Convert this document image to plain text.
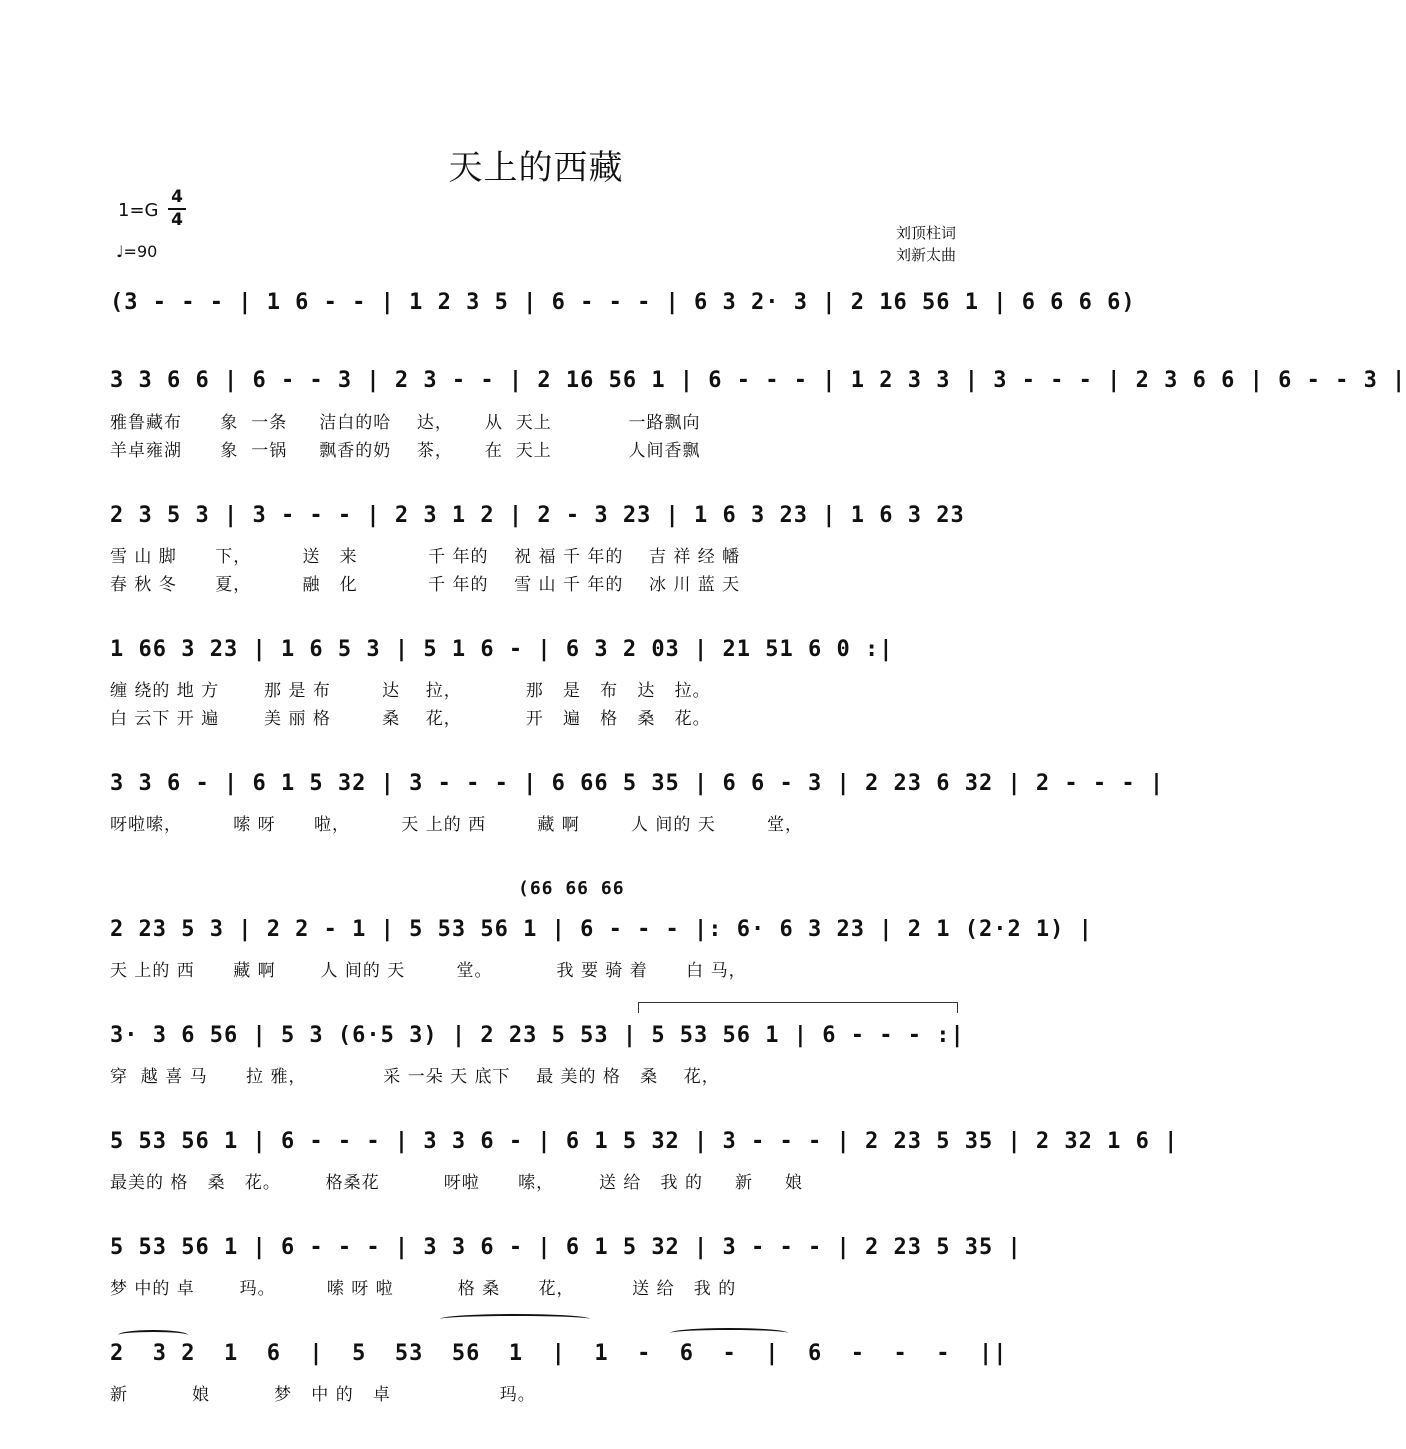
天上的西藏
1=G
4
4
♩=90
刘顶柱词
刘新太曲
(3 - - - | 1 6 - - | 1 2 3 5 | 6 - - - | 6 3 2· 3 | 2 16 56 1 | 6 6 6 6)
3 3 6 6 | 6 - - 3 | 2 3 - - | 2 16 56 1 | 6 - - - | 1 2 3 3 | 3 - - - | 2 3 6 6 | 6 - - 3 |
雅鲁藏布      象  一条     洁白的哈    达，     从  天上            一路飘向
羊卓雍湖      象  一锅     飘香的奶    茶，     在  天上            人间香飘
2 3 5 3 | 3 - - - | 2 3 1 2 | 2 - 3 23 | 1 6 3 23 | 1 6 3 23
雪 山 脚      下，        送   来           千 年的    祝 福 千 年的    吉 祥 经 幡
春 秋 冬      夏，        融   化           千 年的    雪 山 千 年的    冰 川 蓝 天
1 66 3 23 | 1 6 5 3 | 5 1 6 - | 6 3 2 03 | 21 51 6 0 :|
缠 绕的 地 方       那 是 布        达    拉，          那   是   布   达   拉。
白 云下 开 遍       美 丽 格        桑    花，          开   遍   格   桑   花。
3 3 6 - | 6 1 5 32 | 3 - - - | 6 66 5 35 | 6 6 - 3 | 2 23 6 32 | 2 - - - |
呀啦嗦，        嗦 呀      啦，        天 上的 西        藏 啊        人 间的 天        堂，
(66 66 66
2 23 5 3 | 2 2 - 1 | 5 53 56 1 | 6 - - - |: 6· 6 3 23 | 2 1 (2·2 1) |
天 上的 西      藏 啊       人 间的 天        堂。          我 要 骑 着      白 马，
3· 3 6 56 | 5 3 (6·5 3) | 2 23 5 53 | 5 53 56 1 | 6 - - - :|
穿  越 喜 马      拉 雅，            采 一朵 天 底下    最 美的 格   桑    花，
5 53 56 1 | 6 - - - | 3 3 6 - | 6 1 5 32 | 3 - - - | 2 23 5 35 | 2 32 1 6 |
最美的 格   桑   花。       格桑花          呀啦      嗦，       送 给   我 的     新     娘
5 53 56 1 | 6 - - - | 3 3 6 - | 6 1 5 32 | 3 - - - | 2 23 5 35 |
梦 中的 卓       玛。        嗦 呀 啦          格 桑      花，         送 给   我 的
2  3 2  1  6  |  5  53  56  1  |  1  -  6  -  |  6  -  -  -  ||
新          娘          梦   中 的   卓                 玛。
